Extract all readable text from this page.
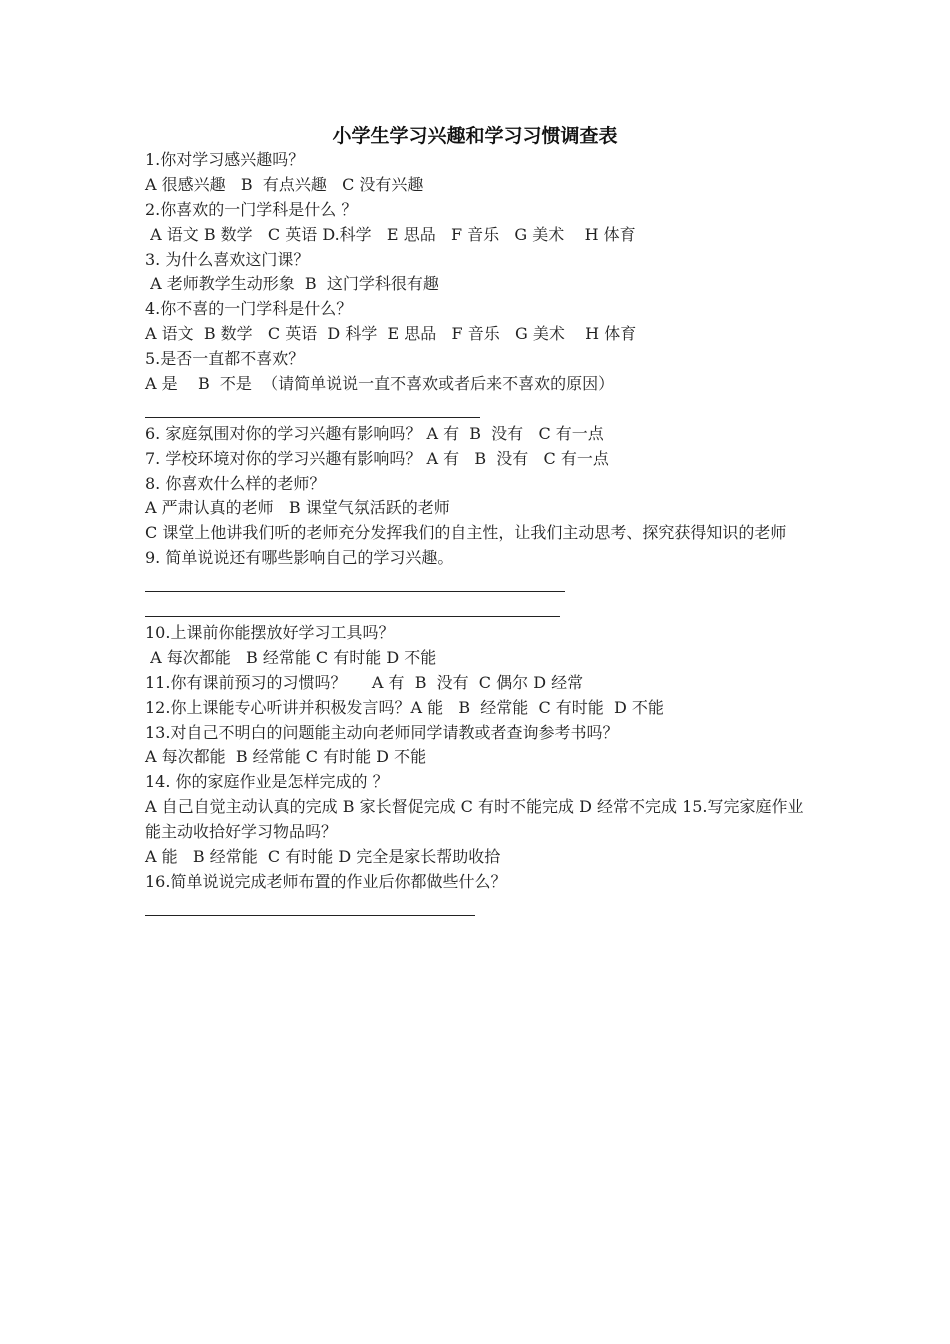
小学生学习兴趣和学习习惯调查表
1.你对学习感兴趣吗？
A 很感兴趣   B  有点兴趣   C 没有兴趣
2.你喜欢的一门学科是什么 ？
A 语文 B 数学   C 英语 D.科学   E 思品   F 音乐   G 美术    H 体育
3. 为什么喜欢这门课？
A 老师教学生动形象  B  这门学科很有趣
4.你不喜的一门学科是什么？
A 语文  B 数学   C 英语  D 科学  E 思品   F 音乐   G 美术    H 体育
5.是否一直都不喜欢？
A 是    B  不是  （请简单说说一直不喜欢或者后来不喜欢的原因）
6. 家庭氛围对你的学习兴趣有影响吗？ A 有  B  没有   C 有一点
7. 学校环境对你的学习兴趣有影响吗？ A 有   B  没有   C 有一点
8. 你喜欢什么样的老师？
A 严肃认真的老师   B 课堂气氛活跃的老师
C 课堂上他讲我们听的老师充分发挥我们的自主性，让我们主动思考、探究获得知识的老师
9. 简单说说还有哪些影响自己的学习兴趣。
10.上课前你能摆放好学习工具吗？
A 每次都能   B 经常能 C 有时能 D 不能
11.你有课前预习的习惯吗？     A 有  B  没有  C 偶尔 D 经常
12.你上课能专心听讲并积极发言吗？A 能   B  经常能  C 有时能  D 不能
13.对自己不明白的问题能主动向老师同学请教或者查询参考书吗？
A 每次都能  B 经常能 C 有时能 D 不能
14. 你的家庭作业是怎样完成的 ？
A 自己自觉主动认真的完成 B 家长督促完成 C 有时不能完成 D 经常不完成 15.写完家庭作业能主动收拾好学习物品吗？
A 能   B 经常能  C 有时能 D 完全是家长帮助收拾
16.简单说说完成老师布置的作业后你都做些什么？
